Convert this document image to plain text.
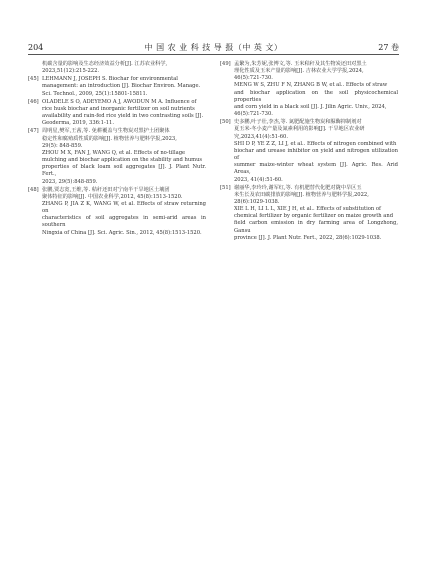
204	中 国 农 业 科 技 导 报（中 英 文）	27 卷
机碳含量的影响及生态经济效益分析[J]. 江苏农业科学,
2023,51(12):215-222.
[45] LEHMANN J, JOSEPH S. Biochar for environmental
management: an introduction [J]. Biochar Environ. Manage.
Sci. Technol., 2009, 25(1):15801-15811.
[46] OLADELE S O, ADEYEMO A J, AWODUN M A. Influence of
rice husk biochar and inorganic fertilizer on soil nutrients
availability and rain-fed rice yield in two contrasting soils [J].
Geoderma, 2019, 336:1-11.
[47] 周明星,樊军,王茜,等. 免耕覆盖与生物炭对黑护土团聚体
稳定性和腐殖质性质的影响[J]. 植物营养与肥料学报,2023,
29(5): 848-859.
ZHOU M X, FAN J, WANG Q, et al. Effects of no-tillage
mulching and biochar application on the stability and humus
properties of black loam soil aggregates [J]. J. Plant Nutr. Fert.,
2023, 29(5):848-859.
[48] 张鹏,贾志宽,王维,等. 秸秆还田对宁南半干旱地区土壤团
聚体特征的影响[J]. 中国农业科学,2012, 45(8):1513-1520.
ZHANG P, JIA Z K, WANG W, et al. Effects of straw returning on
characteristics of soil aggregates in semi-arid areas in southern
Ningxia of China [J]. Sci. Agric. Sin., 2012, 45(8):1513-1520.
[49] 孟繁为,朱芳妮,张博文,等. 玉米秸秆及其生物炭还田对黑土
理化性质及玉米产量的影响[J]. 吉林农业大学学报,2024,
46(5):721-730.
MENG W S, ZHU F N, ZHANG B W, et al.. Effects of straw
and biochar application on the soil physicochemical properties
and corn yield in a black soil [J]. J. Jilin Agric. Univ., 2024,
46(5):721-730.
[50] 史多鹏,叶子壮,李杰,等. 氮肥配施生物炭和脲酶抑制剂对
夏玉米-冬小麦产量及氮素利用的影响[J]. 干旱地区农业研
究,2023,41(4):51-60.
SHI D P, YE Z Z, LI J, et al.. Effects of nitrogen combined with
biochar and urease inhibitor on yield and nitrogen utilization of
summer maize-winter wheat system [J]. Agric. Res. Arid Areas,
2023, 41(4):51-60.
[51] 谢丽华,李玲玲,谢军红,等. 有机肥替代化肥对陇中旱区玉
米生长及农田碳排放的影响[J]. 植物营养与肥料学报,2022,
28(6):1029-1038.
XIE L H, LI L L, XIE J H, et al.. Effects of substitution of
chemical fertilizer by organic fertilizer on maize growth and
field carbon emission in dry farming area of Longzhong, Gansu
province [J]. J. Plant Nutr. Fert., 2022, 28(6):1029-1038.
